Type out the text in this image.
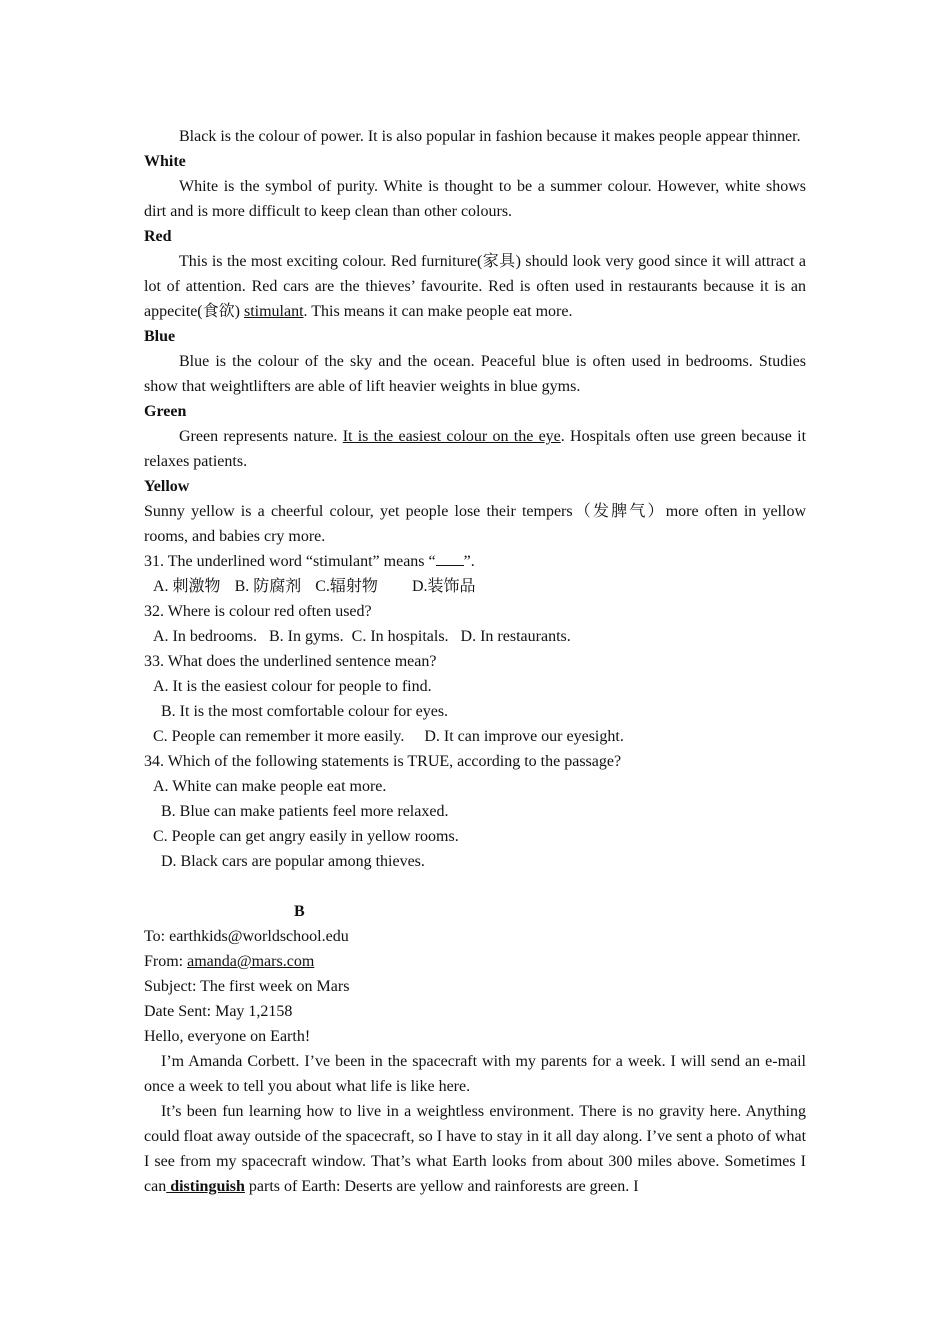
Black is the colour of power. It is also popular in fashion because it makes people appear thinner.

White

White is the symbol of purity. White is thought to be a summer colour. However, white shows dirt and is more difficult to keep clean than other colours.

Red

This is the most exciting colour. Red furniture(家具) should look very good since it will attract a lot of attention. Red cars are the thieves’ favourite. Red is often used in restaurants because it is an appecite(食欲) stimulant. This means it can make people eat more.

Blue

Blue is the colour of the sky and the ocean. Peaceful blue is often used in bedrooms. Studies show that weightlifters are able of lift heavier weights in blue gyms.

Green

Green represents nature. It is the easiest colour on the eye. Hospitals often use green because it relaxes patients.

Yellow

Sunny yellow is a cheerful colour, yet people lose their tempers（发脾气）more often in yellow rooms, and babies cry more.

31. The underlined word “stimulant” means “ ”.

A. 刺激物 B. 防腐剂 C.辐射物 D.装饰品

32. Where is colour red often used?

A. In bedrooms.   B. In gyms.  C. In hospitals.   D. In restaurants.

33. What does the underlined sentence mean?

A. It is the easiest colour for people to find.

B. It is the most comfortable colour for eyes.

C. People can remember it more easily.     D. It can improve our eyesight.

34. Which of the following statements is TRUE, according to the passage?

A. White can make people eat more.

B. Blue can make patients feel more relaxed.

C. People can get angry easily in yellow rooms.

D. Black cars are popular among thieves.

B

To: earthkids@worldschool.edu

From: amanda@mars.com

Subject: The first week on Mars

Date Sent: May 1,2158

Hello, everyone on Earth!

I’m Amanda Corbett. I’ve been in the spacecraft with my parents for a week. I will send an e-mail once a week to tell you about what life is like here.

It’s been fun learning how to live in a weightless environment. There is no gravity here. Anything could float away outside of the spacecraft, so I have to stay in it all day along. I’ve sent a photo of what I see from my spacecraft window. That’s what Earth looks from about 300 miles above. Sometimes I can distinguish parts of Earth: Deserts are yellow and rainforests are green. I
